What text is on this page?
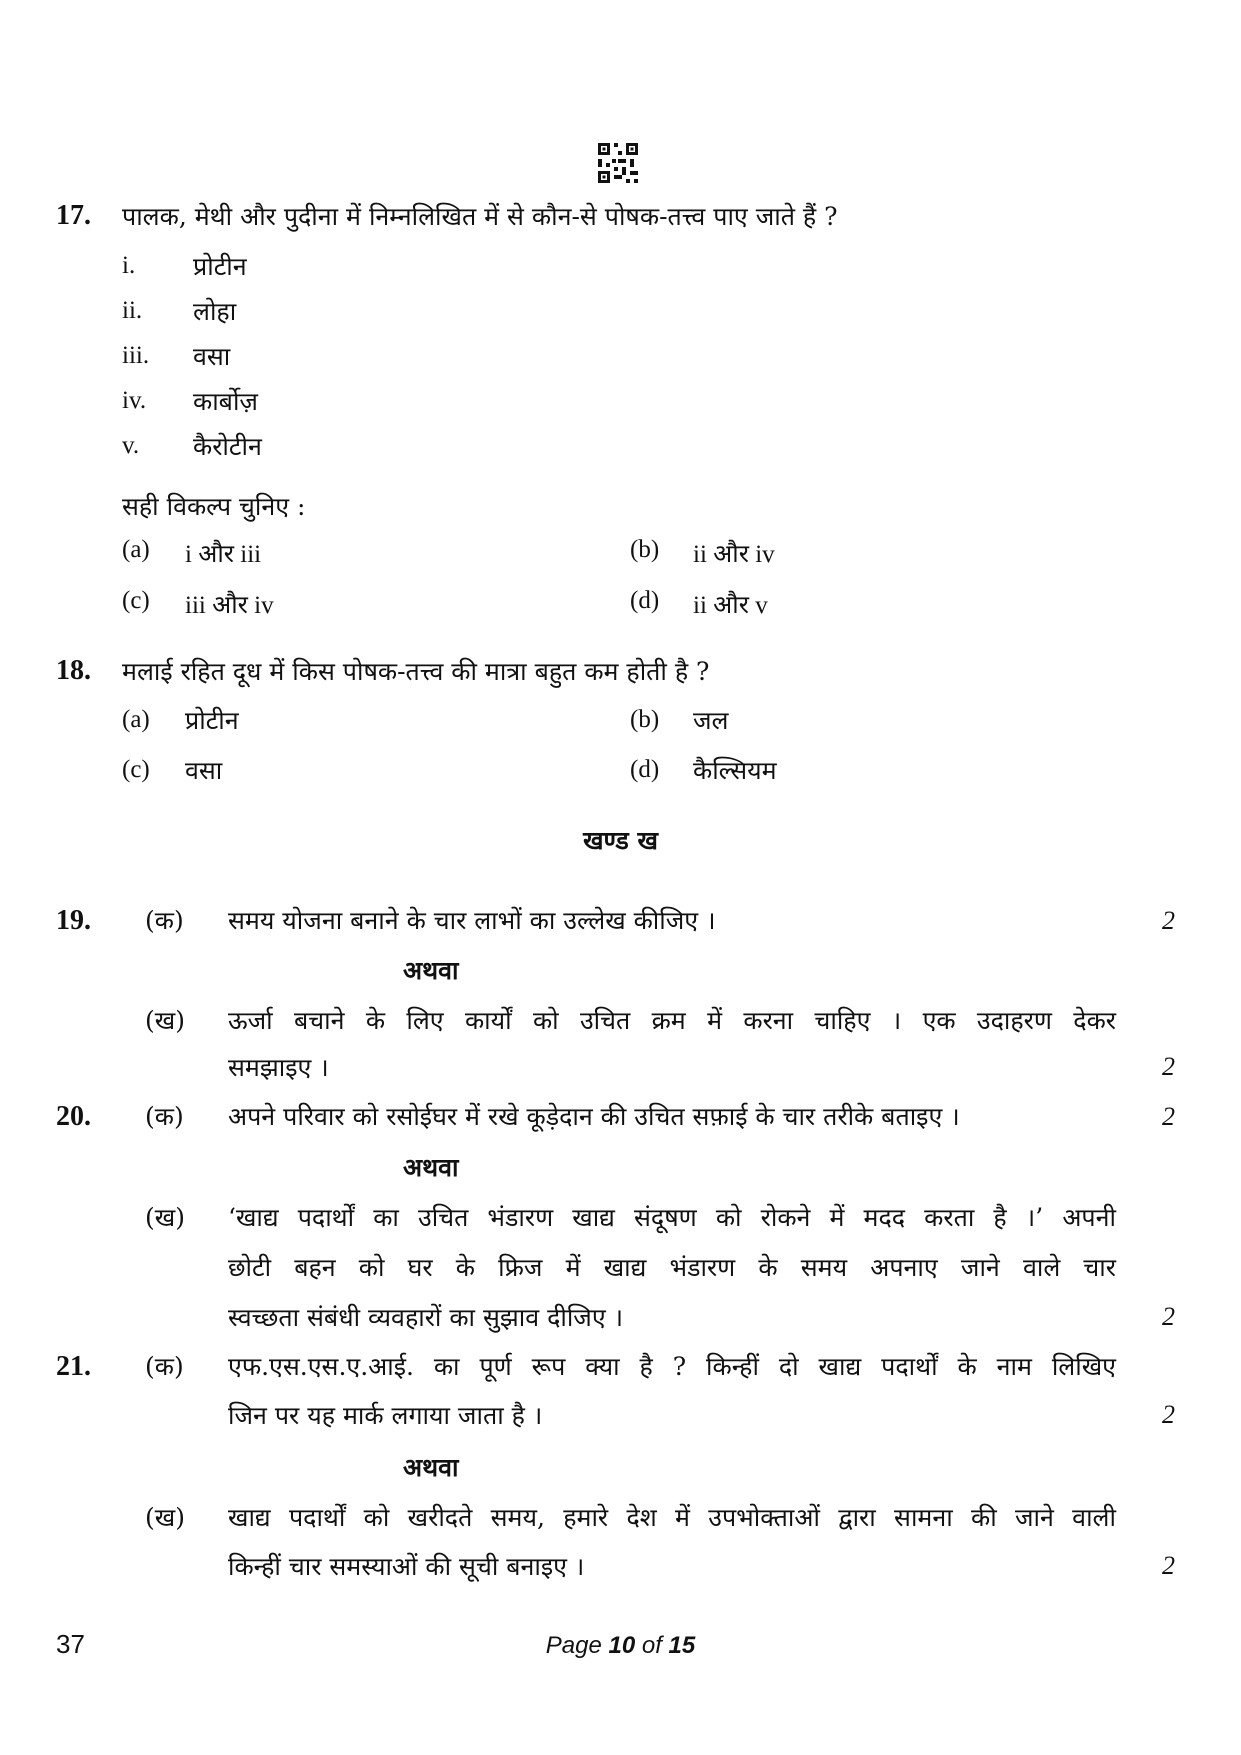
17. पालक, मेथी और पुदीना में निम्नलिखित में से कौन-से पोषक-तत्त्व पाए जाते हैं ?
i. प्रोटीन
ii. लोहा
iii. वसा
iv. कार्बोज़
v. कैरोटीन
सही विकल्प चुनिए :
(a) i और iii	(b) ii और iv
(c) iii और iv	(d) ii और v
18. मलाई रहित दूध में किस पोषक-तत्त्व की मात्रा बहुत कम होती है ?
(a) प्रोटीन	(b) जल
(c) वसा	(d) कैल्सियम
खण्ड ख
19. (क) समय योजना बनाने के चार लाभों का उल्लेख कीजिए ।	2
अथवा
(ख) ऊर्जा बचाने के लिए कार्यों को उचित क्रम में करना चाहिए । एक उदाहरण देकर
समझाइए ।	2
20. (क) अपने परिवार को रसोईघर में रखे कूड़ेदान की उचित सफ़ाई के चार तरीके बताइए ।	2
अथवा
(ख) ‘खाद्य पदार्थों का उचित भंडारण खाद्य संदूषण को रोकने में मदद करता है ।’ अपनी
छोटी बहन को घर के फ्रिज में खाद्य भंडारण के समय अपनाए जाने वाले चार
स्वच्छता संबंधी व्यवहारों का सुझाव दीजिए ।	2
21. (क) एफ.एस.एस.ए.आई. का पूर्ण रूप क्या है ? किन्हीं दो खाद्य पदार्थों के नाम लिखिए
जिन पर यह मार्क लगाया जाता है ।	2
अथवा
(ख) खाद्य पदार्थों को खरीदते समय, हमारे देश में उपभोक्ताओं द्वारा सामना की जाने वाली
किन्हीं चार समस्याओं की सूची बनाइए ।	2
37	Page 10 of 15
